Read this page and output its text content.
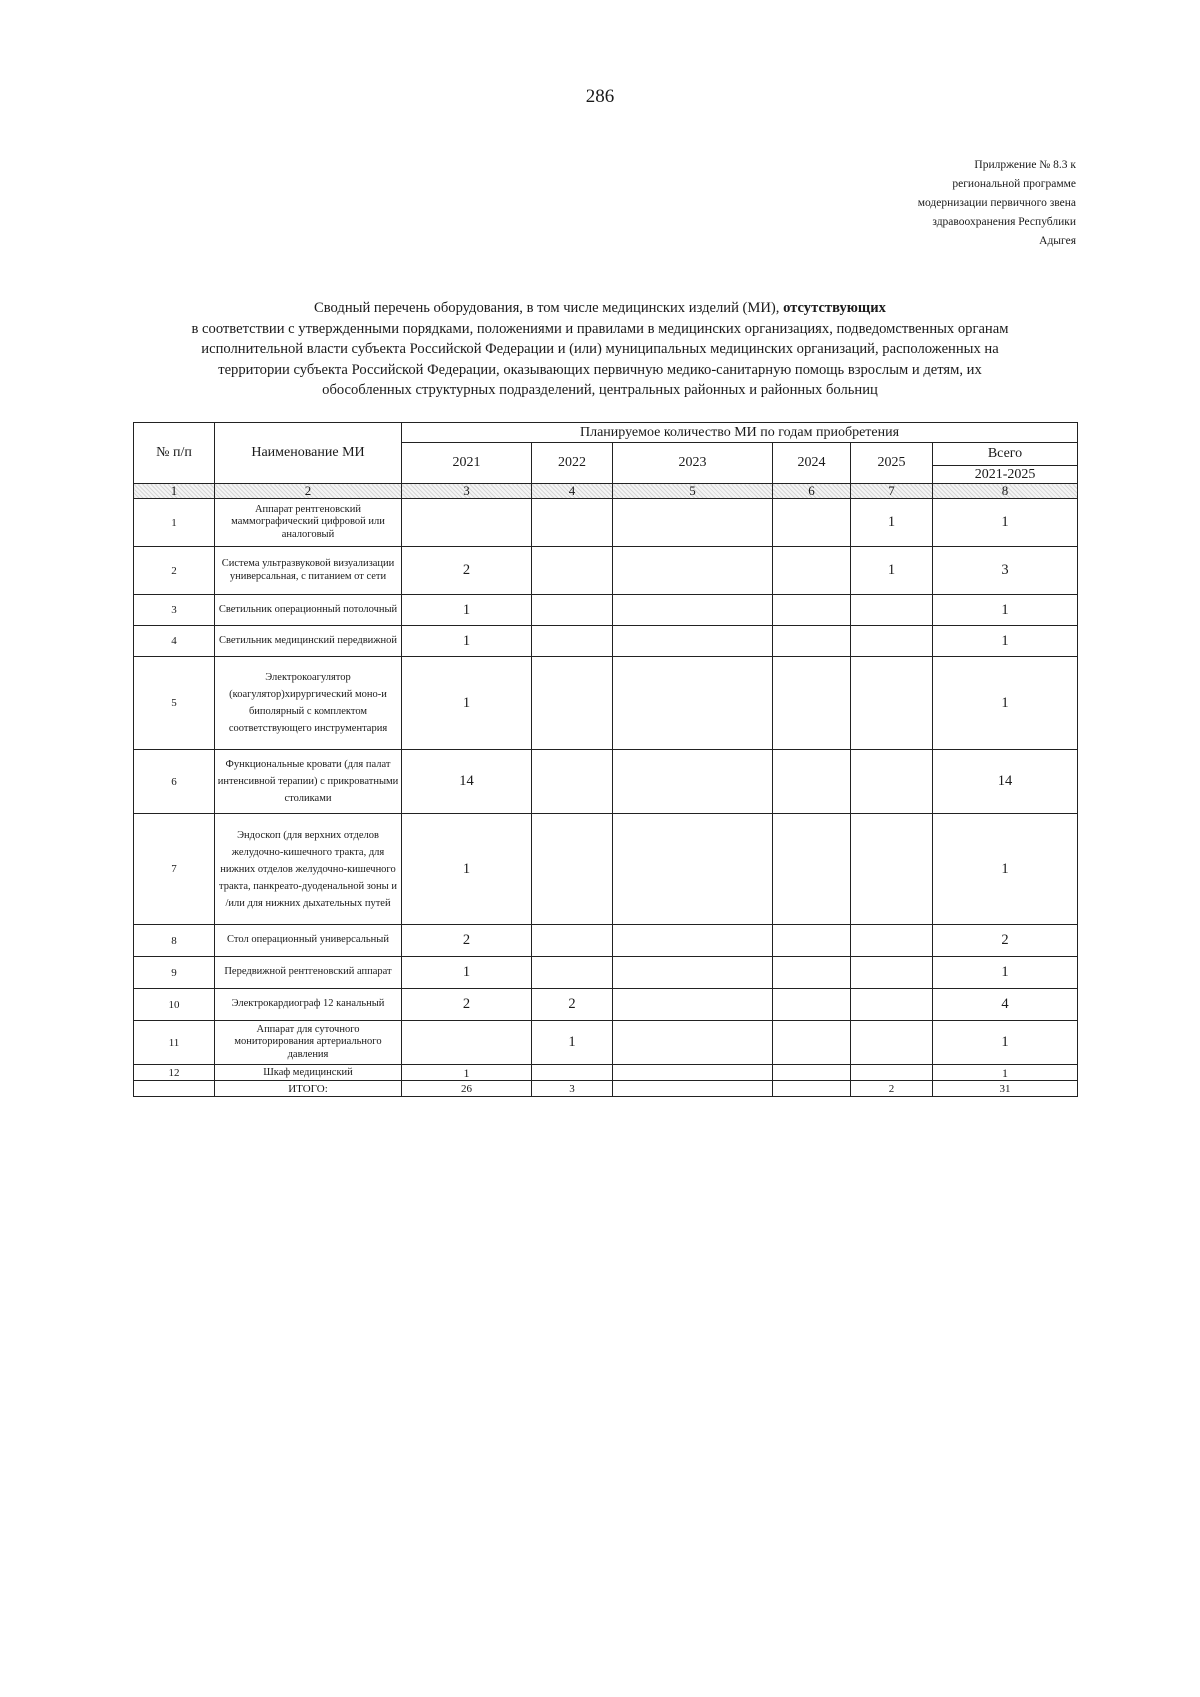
286
Прилржение № 8.3 к
региональной программе
модернизации первичного звена
здравоохранения Республики
Адыгея
Сводный перечень оборудования, в том числе медицинских изделий (МИ), отсутствующих
в соответствии с утвержденными порядками, положениями и правилами в медицинских организациях, подведомственных органам
исполнительной власти субъекта Российской Федерации и (или) муниципальных медицинских организаций, расположенных на
территории субъекта Российской Федерации, оказывающих первичную медико-санитарную помощь взрослым и детям, их
обособленных структурных подразделений, центральных районных и районных больниц
№ п/п	Наименование МИ	Планируемое количество МИ по годам приобретения					
		2021	2022	2023	2024	2025	Всего
							2021-2025
1	2	3	4	5	6	7	8
1	Аппарат рентгеновский маммографический цифровой или аналоговый					1	1
2	Система ультразвуковой визуализации универсальная, с питанием от сети	2				1	3
3	Светильник операционный потолочный	1					1
4	Светильник медицинский передвижной	1					1
5	Электрокоагулятор (коагулятор)хирургический моно-и биполярный с комплектом соответствующего инструментария	1					1
6	Функциональные кровати (для палат интенсивной терапии) с прикроватными столиками	14					14
7	Эндоскоп (для верхних отделов желудочно-кишечного тракта, для нижних отделов желудочно-кишечного тракта, панкреато-дуоденальной зоны и /или для нижних дыхательных путей	1					1
8	Стол операционный универсальный	2					2
9	Передвижной рентгеновский аппарат	1					1
10	Электрокардиограф 12 канальный	2	2				4
11	Аппарат для суточного мониторирования артериального давления		1				1
12	Шкаф медицинский	1					1
	ИТОГО:	26	3			2	31
